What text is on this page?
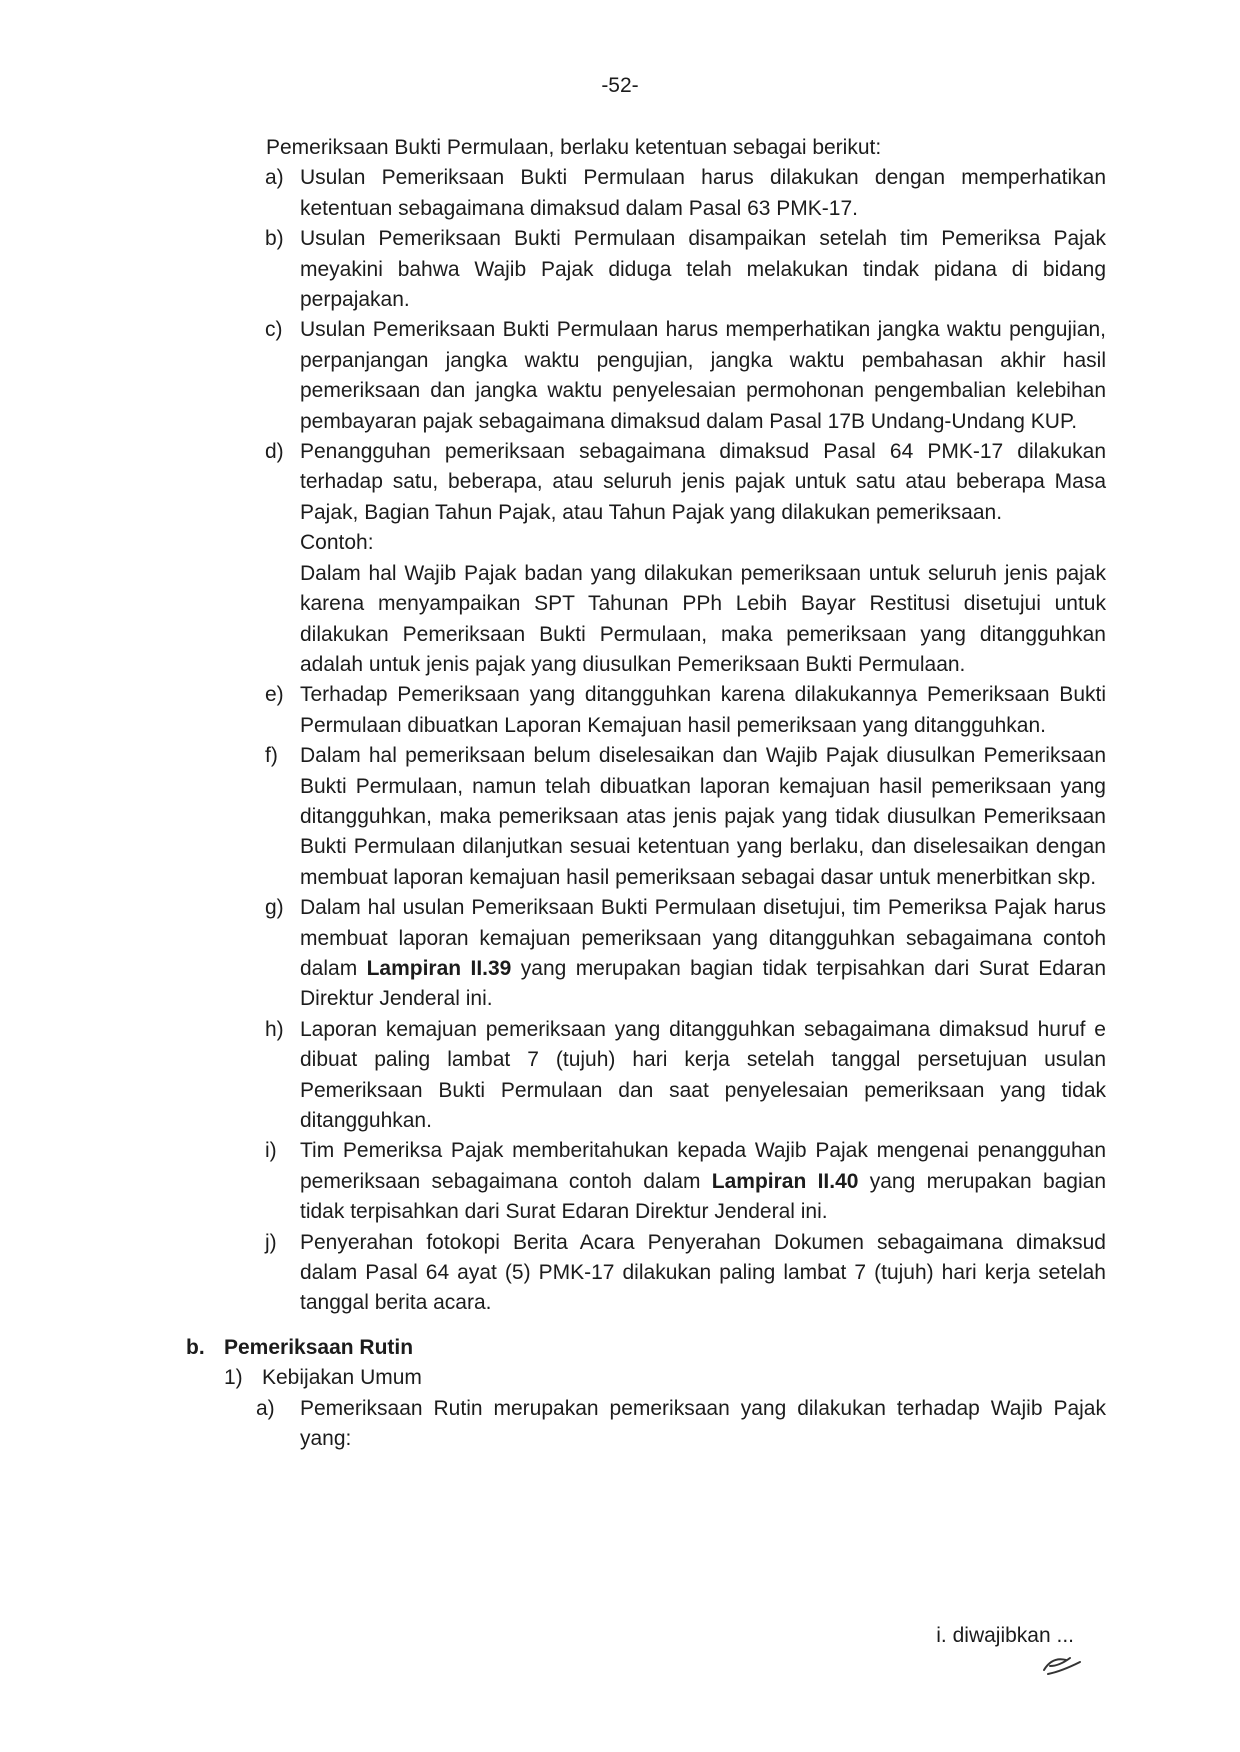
-52-
Pemeriksaan Bukti Permulaan, berlaku ketentuan sebagai berikut:
a) Usulan Pemeriksaan Bukti Permulaan harus dilakukan dengan memperhatikan ketentuan sebagaimana dimaksud dalam Pasal 63 PMK-17.

b) Usulan Pemeriksaan Bukti Permulaan disampaikan setelah tim Pemeriksa Pajak meyakini bahwa Wajib Pajak diduga telah melakukan tindak pidana di bidang perpajakan.

c) Usulan Pemeriksaan Bukti Permulaan harus memperhatikan jangka waktu pengujian, perpanjangan jangka waktu pengujian, jangka waktu pembahasan akhir hasil pemeriksaan dan jangka waktu penyelesaian permohonan pengembalian kelebihan pembayaran pajak sebagaimana dimaksud dalam Pasal 17B Undang-Undang KUP.

d) Penangguhan pemeriksaan sebagaimana dimaksud Pasal 64 PMK-17 dilakukan terhadap satu, beberapa, atau seluruh jenis pajak untuk satu atau beberapa Masa Pajak, Bagian Tahun Pajak, atau Tahun Pajak yang dilakukan pemeriksaan.

Contoh:

Dalam hal Wajib Pajak badan yang dilakukan pemeriksaan untuk seluruh jenis pajak karena menyampaikan SPT Tahunan PPh Lebih Bayar Restitusi disetujui untuk dilakukan Pemeriksaan Bukti Permulaan, maka pemeriksaan yang ditangguhkan adalah untuk jenis pajak yang diusulkan Pemeriksaan Bukti Permulaan.

e) Terhadap Pemeriksaan yang ditangguhkan karena dilakukannya Pemeriksaan Bukti Permulaan dibuatkan Laporan Kemajuan hasil pemeriksaan yang ditangguhkan.

f) Dalam hal pemeriksaan belum diselesaikan dan Wajib Pajak diusulkan Pemeriksaan Bukti Permulaan, namun telah dibuatkan laporan kemajuan hasil pemeriksaan yang ditangguhkan, maka pemeriksaan atas jenis pajak yang tidak diusulkan Pemeriksaan Bukti Permulaan dilanjutkan sesuai ketentuan yang berlaku, dan diselesaikan dengan membuat laporan kemajuan hasil pemeriksaan sebagai dasar untuk menerbitkan skp.

g) Dalam hal usulan Pemeriksaan Bukti Permulaan disetujui, tim Pemeriksa Pajak harus membuat laporan kemajuan pemeriksaan yang ditangguhkan sebagaimana contoh dalam Lampiran II.39 yang merupakan bagian tidak terpisahkan dari Surat Edaran Direktur Jenderal ini.

h) Laporan kemajuan pemeriksaan yang ditangguhkan sebagaimana dimaksud huruf e dibuat paling lambat 7 (tujuh) hari kerja setelah tanggal persetujuan usulan Pemeriksaan Bukti Permulaan dan saat penyelesaian pemeriksaan yang tidak ditangguhkan.

i) Tim Pemeriksa Pajak memberitahukan kepada Wajib Pajak mengenai penangguhan pemeriksaan sebagaimana contoh dalam Lampiran II.40 yang merupakan bagian tidak terpisahkan dari Surat Edaran Direktur Jenderal ini.

j) Penyerahan fotokopi Berita Acara Penyerahan Dokumen sebagaimana dimaksud dalam Pasal 64 ayat (5) PMK-17 dilakukan paling lambat 7 (tujuh) hari kerja setelah tanggal berita acara.

b. Pemeriksaan Rutin
1) Kebijakan Umum
a) Pemeriksaan Rutin merupakan pemeriksaan yang dilakukan terhadap Wajib Pajak yang:

i. diwajibkan ...
